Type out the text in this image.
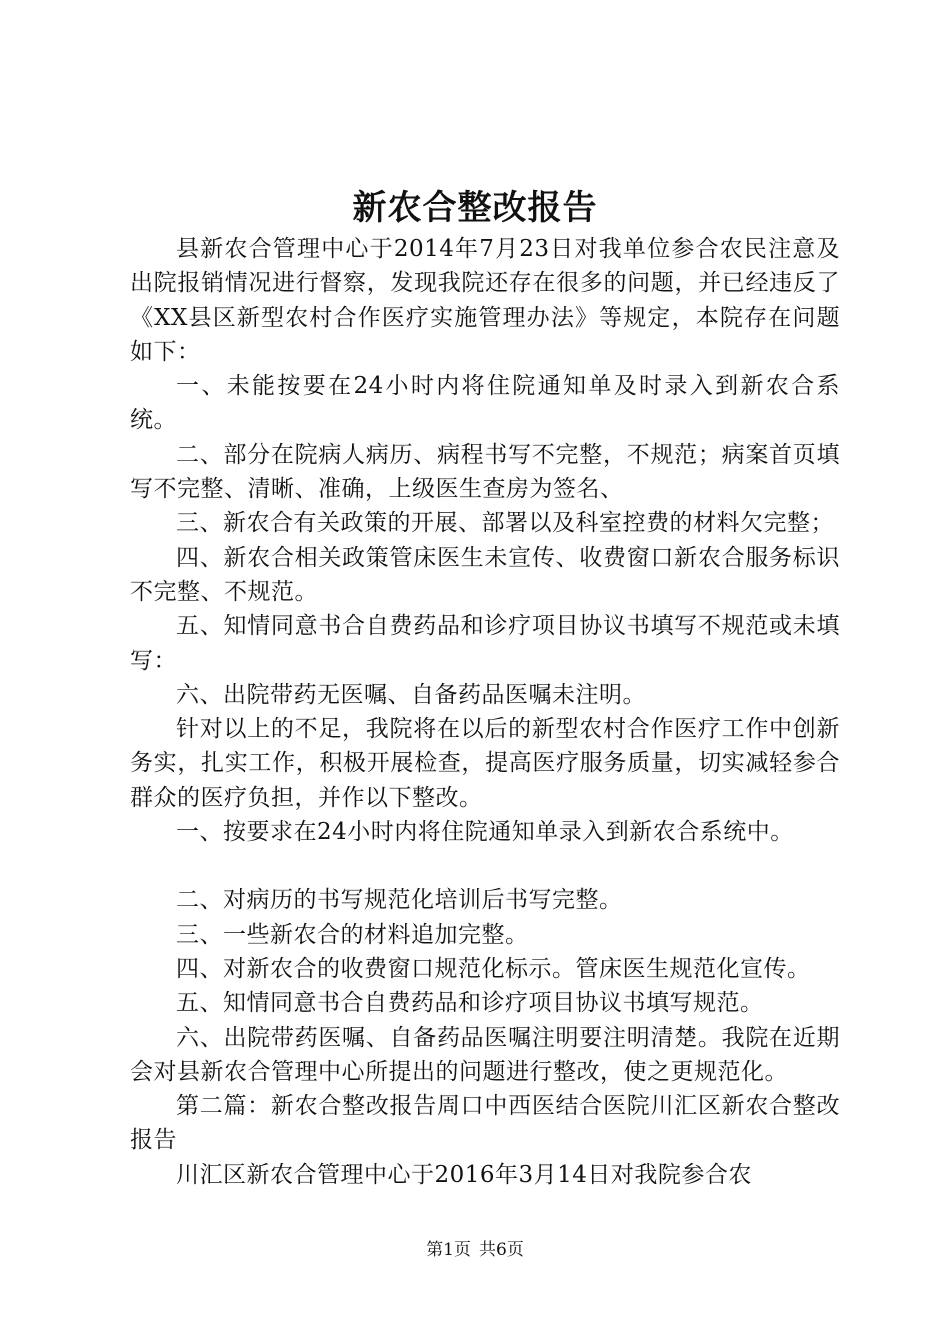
新农合整改报告

县新农合管理中心于2014年7月23日对我单位参合农民注意及出院报销情况进行督察，发现我院还存在很多的问题，并已经违反了《XX县区新型农村合作医疗实施管理办法》等规定，本院存在问题如下：

一、未能按要在24小时内将住院通知单及时录入到新农合系统。

二、部分在院病人病历、病程书写不完整，不规范；病案首页填写不完整、清晰、准确，上级医生查房为签名、

三、新农合有关政策的开展、部署以及科室控费的材料欠完整；

四、新农合相关政策管床医生未宣传、收费窗口新农合服务标识不完整、不规范。

五、知情同意书合自费药品和诊疗项目协议书填写不规范或未填写：

六、出院带药无医嘱、自备药品医嘱未注明。

针对以上的不足，我院将在以后的新型农村合作医疗工作中创新务实，扎实工作，积极开展检查，提高医疗服务质量，切实减轻参合群众的医疗负担，并作以下整改。

一、按要求在24小时内将住院通知单录入到新农合系统中。

二、对病历的书写规范化培训后书写完整。

三、一些新农合的材料追加完整。

四、对新农合的收费窗口规范化标示。管床医生规范化宣传。

五、知情同意书合自费药品和诊疗项目协议书填写规范。

六、出院带药医嘱、自备药品医嘱注明要注明清楚。我院在近期会对县新农合管理中心所提出的问题进行整改，使之更规范化。

第二篇：新农合整改报告周口中西医结合医院川汇区新农合整改报告

川汇区新农合管理中心于2016年3月14日对我院参合农

第1页 共6页
